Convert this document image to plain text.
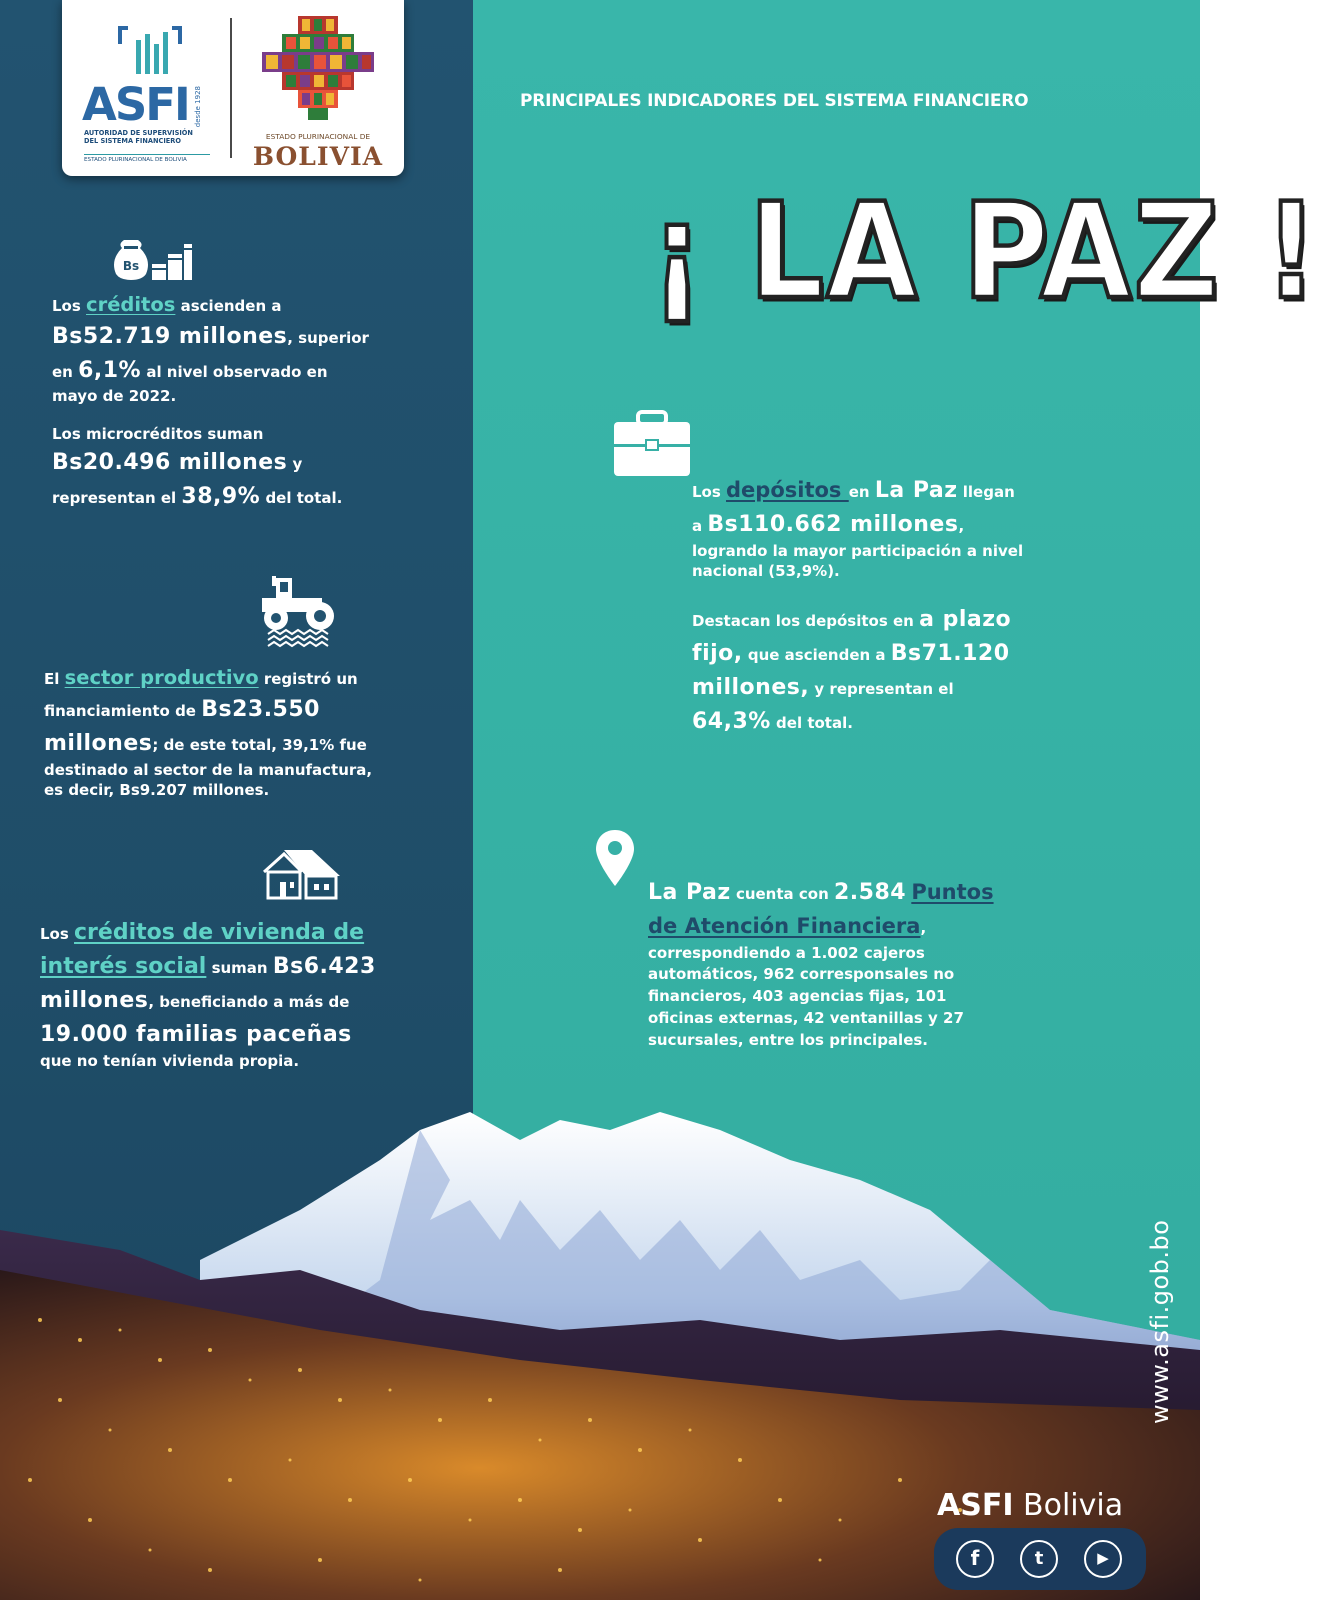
ASFI desde 1928
AUTORIDAD DE SUPERVISIÓN
DEL SISTEMA FINANCIERO
ESTADO PLURINACIONAL DE BOLIVIA
ESTADO PLURINACIONAL DE
BOLIVIA
PRINCIPALES INDICADORES DEL SISTEMA FINANCIERO
¡ LA PAZ !
Bs

Los créditos ascienden a

Bs52.719 millones, superior

en 6,1% al nivel observado en

mayo de 2022.

Los microcréditos suman

Bs20.496 millones y

representan el 38,9% del total.

El sector productivo registró un

financiamiento de Bs23.550

millones; de este total, 39,1% fue

destinado al sector de la manufactura,

es decir, Bs9.207 millones.

Los créditos de vivienda de

interés social suman Bs6.423

millones, beneficiando a más de

19.000 familias paceñas

que no tenían vivienda propia.

Los depósitos en La Paz llegan

a Bs110.662 millones,

logrando la mayor participación a nivel

nacional (53,9%).

Destacan los depósitos en a plazo

fijo, que ascienden a Bs71.120

millones, y representan el

64,3% del total.

La Paz cuenta con 2.584 Puntos

de Atención Financiera,

correspondiendo a 1.002 cajeros

automáticos, 962 corresponsales no

financieros, 403 agencias fijas, 101

oficinas externas, 42 ventanillas y 27

sucursales, entre los principales.

www.asfi.gob.bo
ASFI Bolivia
f	t	▶
